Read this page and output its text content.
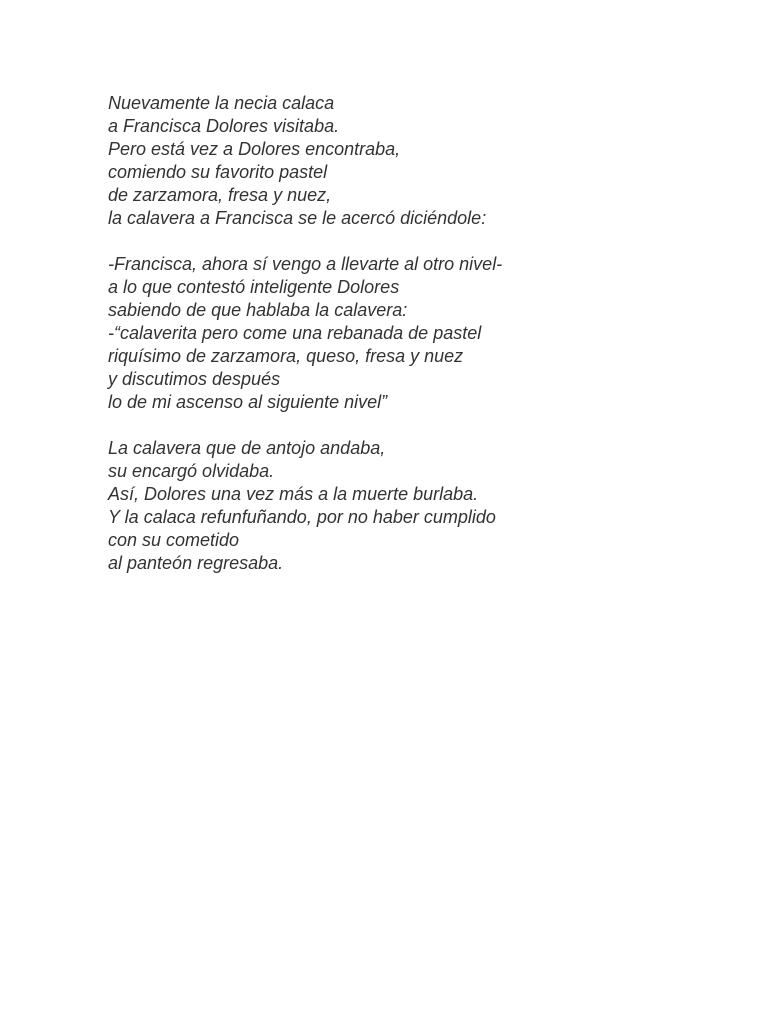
Nuevamente la necia calaca
a Francisca Dolores visitaba.
Pero está vez a Dolores encontraba,
comiendo su favorito pastel
de zarzamora, fresa y nuez,
la calavera a Francisca se le acercó diciéndole:
-Francisca, ahora sí vengo a llevarte al otro nivel-
a lo que contestó inteligente Dolores
sabiendo de que hablaba la calavera:
-“calaverita pero come una rebanada de pastel
riquísimo de zarzamora, queso, fresa y nuez
y discutimos después
lo de mi ascenso al siguiente nivel”
La calavera que de antojo andaba,
su encargó olvidaba.
Así, Dolores una vez más a la muerte burlaba.
Y la calaca refunfuñando, por no haber cumplido
con su cometido
al panteón regresaba.
